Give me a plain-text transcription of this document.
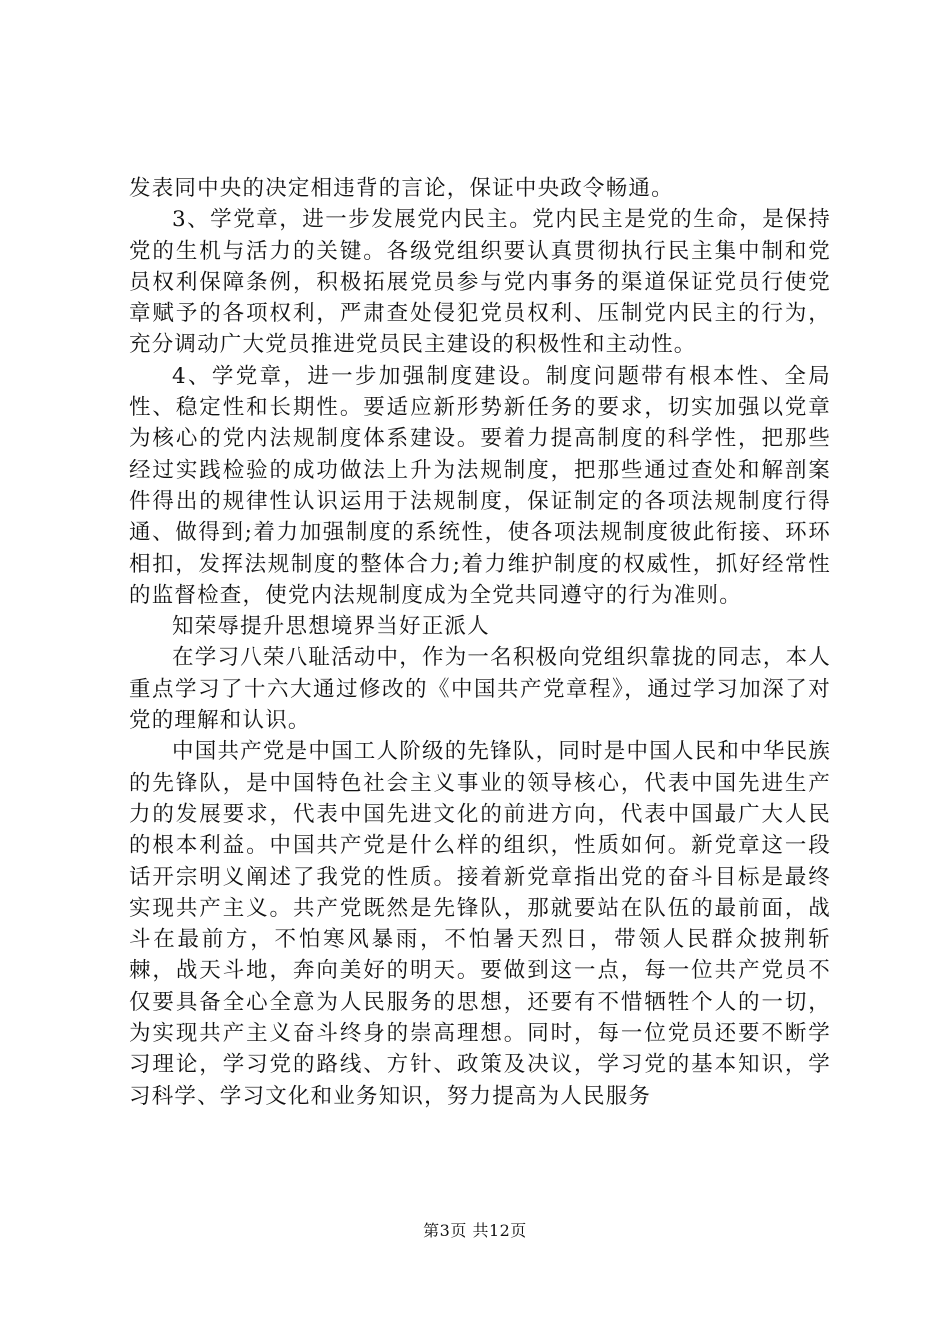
发表同中央的决定相违背的言论，保证中央政令畅通。

3、学党章，进一步发展党内民主。党内民主是党的生命，是保持党的生机与活力的关键。各级党组织要认真贯彻执行民主集中制和党员权利保障条例，积极拓展党员参与党内事务的渠道保证党员行使党章赋予的各项权利，严肃查处侵犯党员权利、压制党内民主的行为，充分调动广大党员推进党员民主建设的积极性和主动性。

4、学党章，进一步加强制度建设。制度问题带有根本性、全局性、稳定性和长期性。要适应新形势新任务的要求，切实加强以党章为核心的党内法规制度体系建设。要着力提高制度的科学性，把那些经过实践检验的成功做法上升为法规制度，把那些通过查处和解剖案件得出的规律性认识运用于法规制度，保证制定的各项法规制度行得通、做得到;着力加强制度的系统性，使各项法规制度彼此衔接、环环相扣，发挥法规制度的整体合力;着力维护制度的权威性，抓好经常性的监督检查，使党内法规制度成为全党共同遵守的行为准则。

知荣辱提升思想境界当好正派人

在学习八荣八耻活动中，作为一名积极向党组织靠拢的同志，本人重点学习了十六大通过修改的《中国共产党章程》，通过学习加深了对党的理解和认识。

中国共产党是中国工人阶级的先锋队，同时是中国人民和中华民族的先锋队，是中国特色社会主义事业的领导核心，代表中国先进生产力的发展要求，代表中国先进文化的前进方向，代表中国最广大人民的根本利益。中国共产党是什么样的组织，性质如何。新党章这一段话开宗明义阐述了我党的性质。接着新党章指出党的奋斗目标是最终实现共产主义。共产党既然是先锋队，那就要站在队伍的最前面，战斗在最前方，不怕寒风暴雨，不怕暑天烈日，带领人民群众披荆斩棘，战天斗地，奔向美好的明天。要做到这一点，每一位共产党员不仅要具备全心全意为人民服务的思想，还要有不惜牺牲个人的一切，为实现共产主义奋斗终身的崇高理想。同时，每一位党员还要不断学习理论，学习党的路线、方针、政策及决议，学习党的基本知识，学习科学、学习文化和业务知识，努力提高为人民服务

第3页 共12页
